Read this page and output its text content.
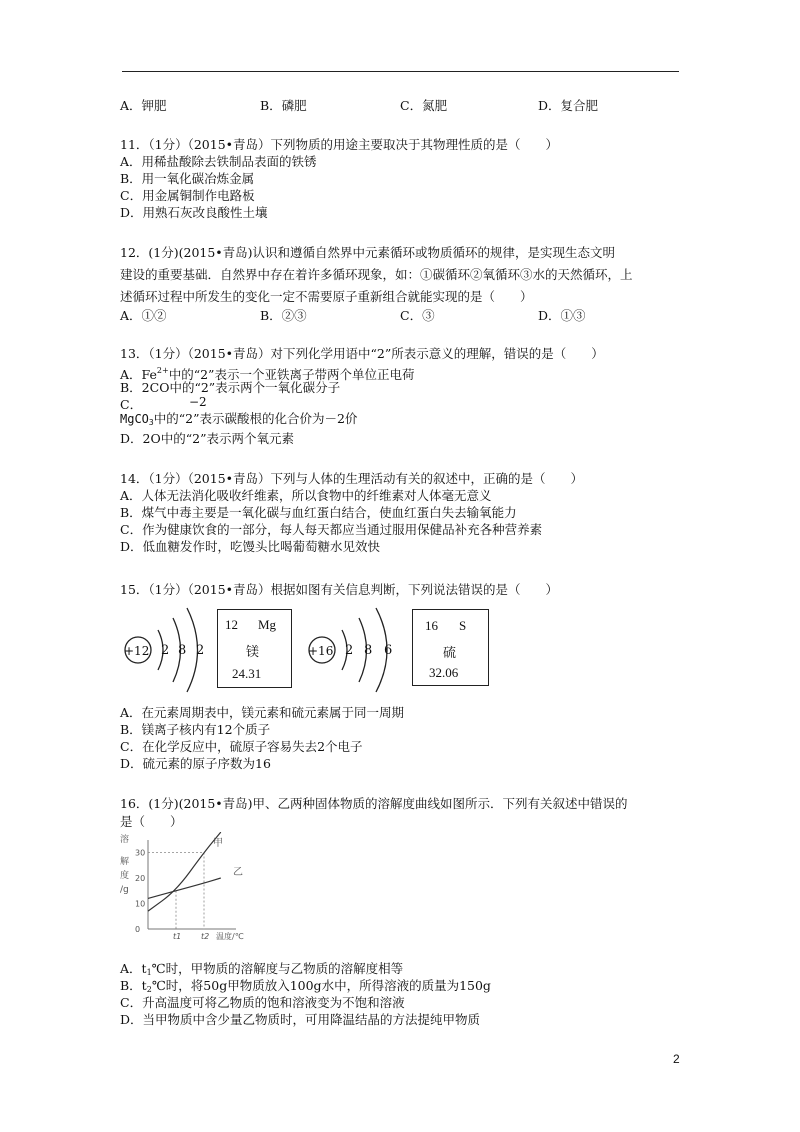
A．钾肥	B．磷肥	C．氮肥	D．复合肥
11．（1分）（2015•青岛）下列物质的用途主要取决于其物理性质的是（　　）
A．用稀盐酸除去铁制品表面的铁锈
B．用一氧化碳冶炼金属
C．用金属铜制作电路板
D．用熟石灰改良酸性土壤
12．(1分)(2015•青岛)认识和遵循自然界中元素循环或物质循环的规律，是实现生态文明
建设的重要基础．自然界中存在着许多循环现象，如：①碳循环②氧循环③水的天然循环，上
述循环过程中所发生的变化一定不需要原子重新组合就能实现的是（　　）
A．①②	B．②③	C．③	D．①③
13．（1分）（2015•青岛）对下列化学用语中“2”所表示意义的理解，错误的是（　　）
A．$Fe^{2+}$中的“2”表示一个亚铁离子带两个单位正电荷
B．2CO中的“2”表示两个一氧化碳分子
C．	−2
MgCO$_3$中的“2”表示碳酸根的化合价为－2价
D．2O中的“2”表示两个氧元素
14．（1分）（2015•青岛）下列与人体的生理活动有关的叙述中，正确的是（　　）
A．人体无法消化吸收纤维素，所以食物中的纤维素对人体毫无意义
B．煤气中毒主要是一氧化碳与血红蛋白结合，使血红蛋白失去输氧能力
C．作为健康饮食的一部分，每人每天都应当通过服用保健品补充各种营养素
D．低血糖发作时，吃馒头比喝葡萄糖水见效快
15．（1分）（2015•青岛）根据如图有关信息判断，下列说法错误的是（　　）
+12 2 8 2
12 Mg
镁
24.31
+16 2 8 6
16 S
硫
32.06
A．在元素周期表中，镁元素和硫元素属于同一周期
B．镁离子核内有12个质子
C．在化学反应中，硫原子容易失去2个电子
D．硫元素的原子序数为16
16．(1分)(2015•青岛)甲、乙两种固体物质的溶解度曲线如图所示．下列有关叙述中错误的
是（　　）
溶
解
度
/g
30
20
10
0
t1 t2
甲
乙
温度/℃
A．$t_1℃$时，甲物质的溶解度与乙物质的溶解度相等
B．$t_2℃$时，将50g甲物质放入100g水中，所得溶液的质量为150g
C．升高温度可将乙物质的饱和溶液变为不饱和溶液
D．当甲物质中含少量乙物质时，可用降温结晶的方法提纯甲物质
2
